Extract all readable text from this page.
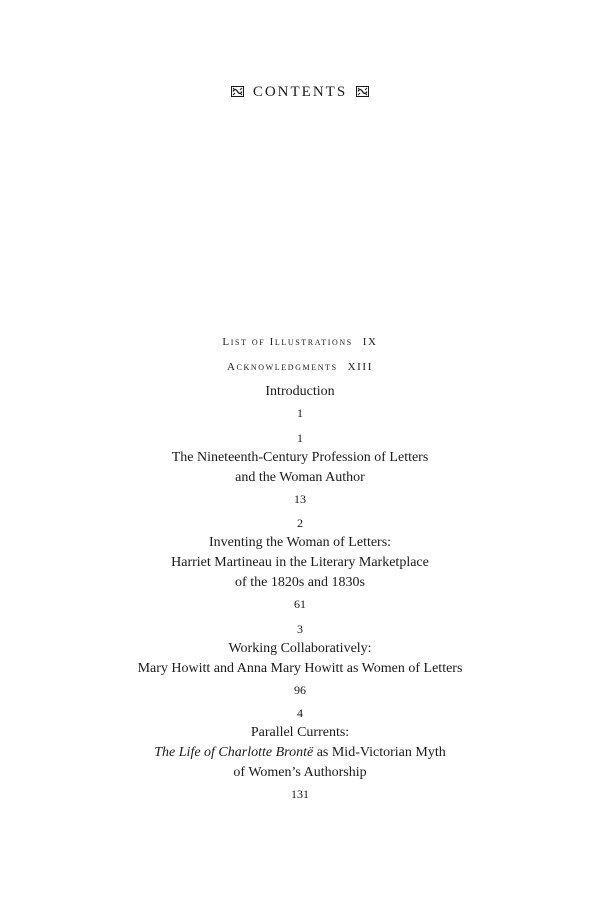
CONTENTS
List of Illustrations IX
Acknowledgments XIII
Introduction
1
1
The Nineteenth-Century Profession of Letters
and the Woman Author
13
2
Inventing the Woman of Letters:
Harriet Martineau in the Literary Marketplace
of the 1820s and 1830s
61
3
Working Collaboratively:
Mary Howitt and Anna Mary Howitt as Women of Letters
96
4
Parallel Currents:
The Life of Charlotte Brontë as Mid-Victorian Myth
of Women’s Authorship
131
